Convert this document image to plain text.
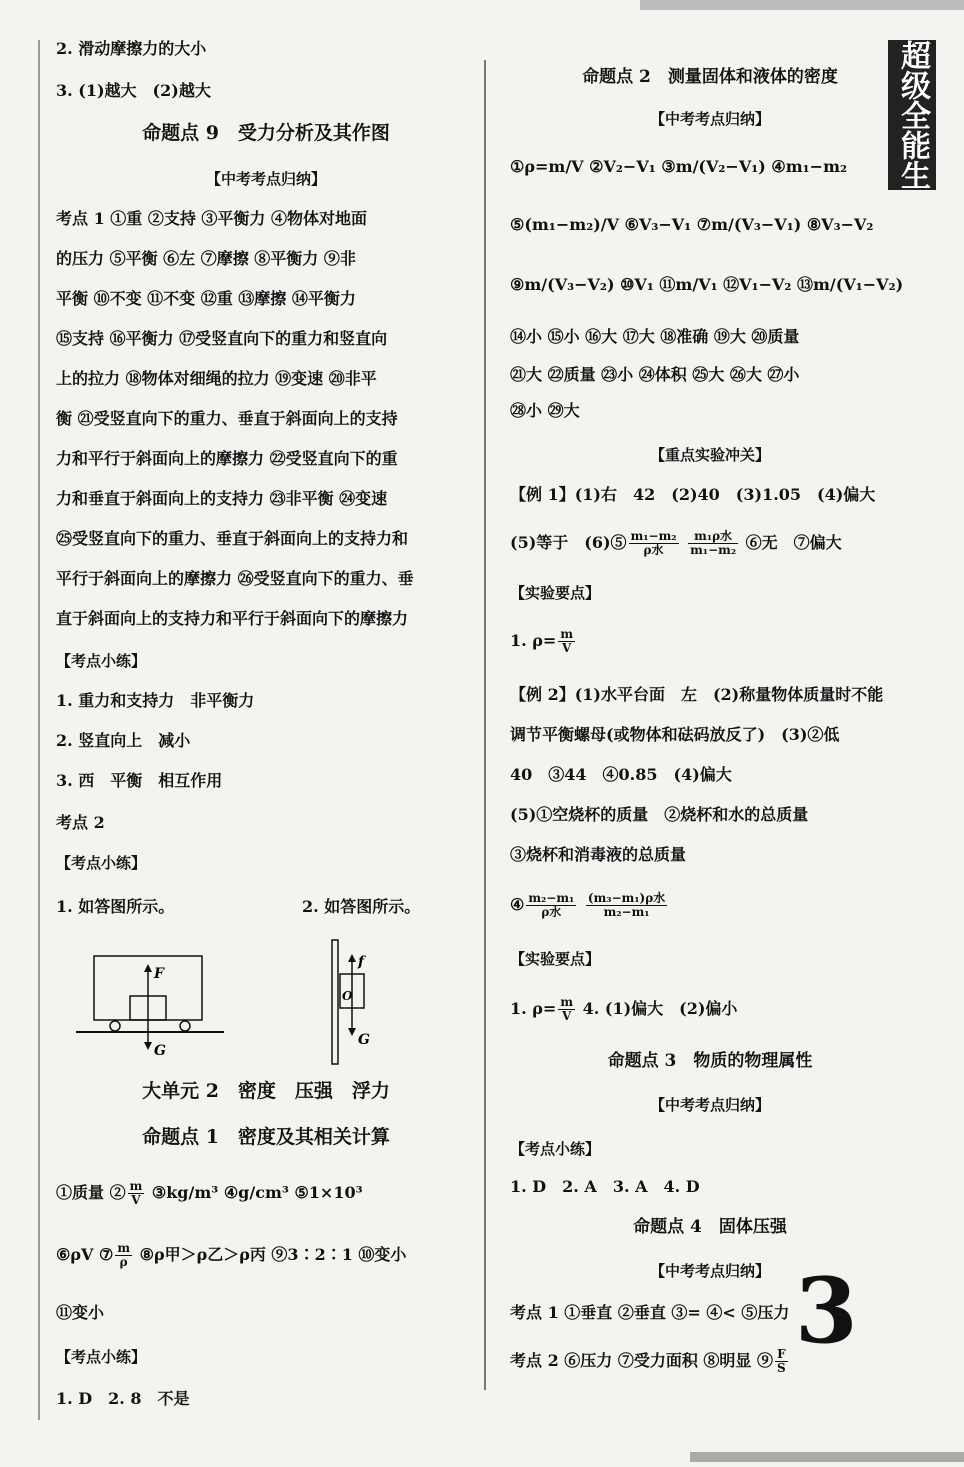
超级全能生
3
2. 滑动摩擦力的大小
3. (1)越大　(2)越大
命题点 9　受力分析及其作图
【中考考点归纳】
考点 1 ①重 ②支持 ③平衡力 ④物体对地面
的压力 ⑤平衡 ⑥左 ⑦摩擦 ⑧平衡力 ⑨非
平衡 ⑩不变 ⑪不变 ⑫重 ⑬摩擦 ⑭平衡力
⑮支持 ⑯平衡力 ⑰受竖直向下的重力和竖直向
上的拉力 ⑱物体对细绳的拉力 ⑲变速 ⑳非平
衡 ㉑受竖直向下的重力、垂直于斜面向上的支持
力和平行于斜面向上的摩擦力 ㉒受竖直向下的重
力和垂直于斜面向上的支持力 ㉓非平衡 ㉔变速
㉕受竖直向下的重力、垂直于斜面向上的支持力和
平行于斜面向上的摩擦力 ㉖受竖直向下的重力、垂
直于斜面向上的支持力和平行于斜面向下的摩擦力
【考点小练】
1. 重力和支持力　非平衡力
2. 竖直向上　减小
3. 西　平衡　相互作用
考点 2
【考点小练】
1. 如答图所示。	2. 如答图所示。
F
G
f
G
O
大单元 2　密度　压强　浮力
命题点 1　密度及其相关计算
①质量 ② $\frac{m}{V}$ ③kg/m³ ④g/cm³ ⑤1×10³
⑥ρV ⑦ $\frac{m}{\rho}$ ⑧ρ甲＞ρ乙＞ρ丙 ⑨3∶2∶1 ⑩变小
⑪变小
【考点小练】
1. D　2. 8　不是
命题点 2　测量固体和液体的密度
【中考考点归纳】
①ρ=m/V ②V₂−V₁ ③m/(V₂−V₁) ④m₁−m₂
⑤(m₁−m₂)/V ⑥V₃−V₁ ⑦m/(V₃−V₁) ⑧V₃−V₂
⑨m/(V₃−V₂) ⑩V₁ ⑪m/V₁ ⑫V₁−V₂ ⑬m/(V₁−V₂)
⑭小 ⑮小 ⑯大 ⑰大 ⑱准确 ⑲大 ⑳质量
㉑大 ㉒质量 ㉓小 ㉔体积 ㉕大 ㉖大 ㉗小
㉘小 ㉙大
【重点实验冲关】
【例 1】(1)右　42　(2)40　(3)1.05　(4)偏大
(5)等于　(6)⑤ $\frac{\text{m₁−m₂}}{\text{ρ水}}$
$\frac{\text{m₁ρ水}}{\text{m₁−m₂}}$ ⑥无　⑦偏大
【实验要点】
1. $\rho= \frac{m}{V}$
【例 2】(1)水平台面　左　(2)称量物体质量时不能
调节平衡螺母(或物体和砝码放反了)　(3)②低
40　③44　④0.85　(4)偏大
(5)①空烧杯的质量　②烧杯和水的总质量
③烧杯和消毒液的总质量
④ $\frac{\text{m₂−m₁}}{\text{ρ水}}$
$\frac{\text{(m₃−m₁)ρ水}}{\text{m₂−m₁}}$
【实验要点】
1. $\rho= \frac{m}{V} 4$. (1)偏大　(2)偏小
命题点 3　物质的物理属性
【中考考点归纳】
【考点小练】
1. D　2. A　3. A　4. D
命题点 4　固体压强
【中考考点归纳】
考点 1 ①垂直 ②垂直 ③= ④< ⑤压力
考点 2 ⑥压力 ⑦受力面积 ⑧明显 ⑨ $\frac{F}{S}$
